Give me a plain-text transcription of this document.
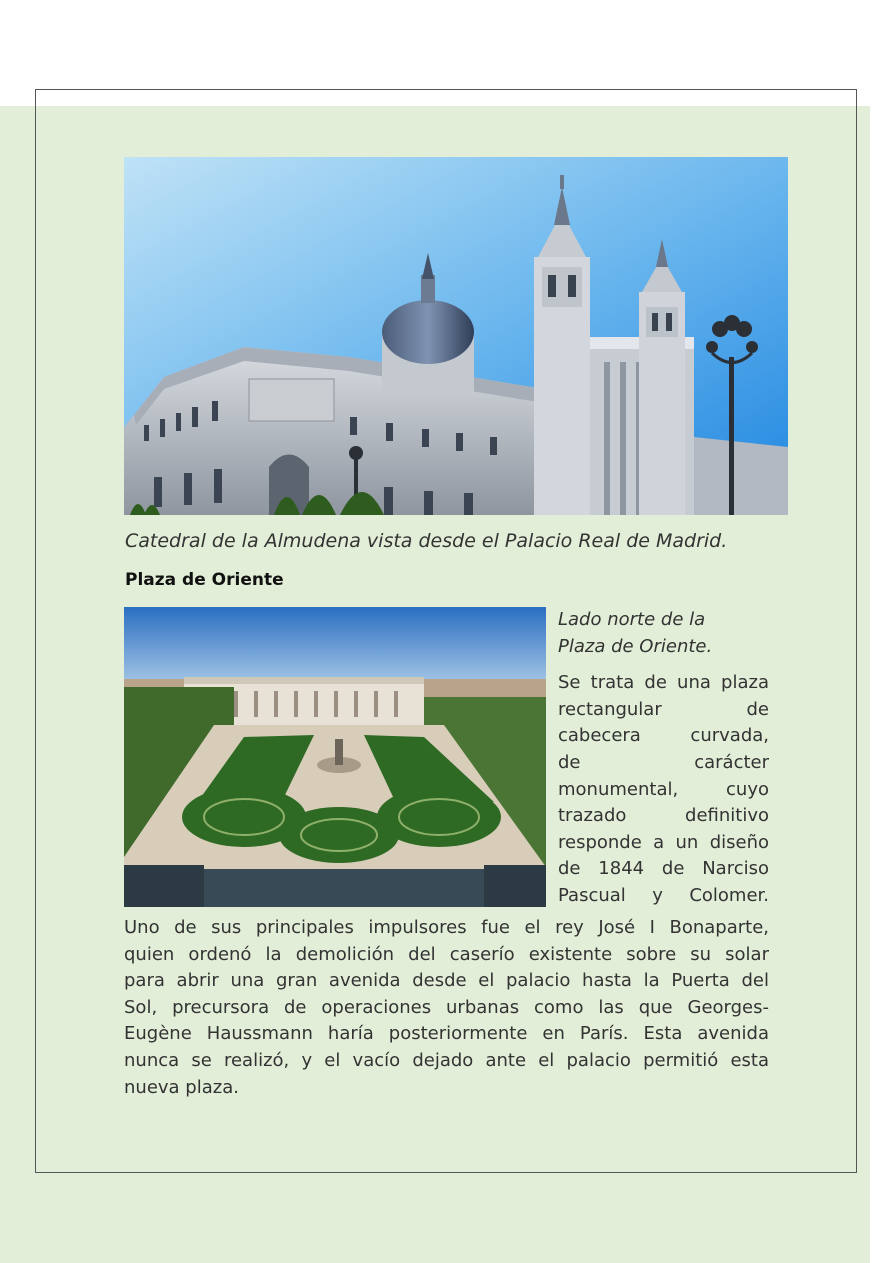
Catedral de la Almudena vista desde el Palacio Real de Madrid.
Plaza de Oriente
Lado norte de la
Plaza de Oriente.
Se trata de una plaza
rectangular de
cabecera curvada,
de carácter
monumental, cuyo
trazado definitivo
responde a un diseño
de 1844 de Narciso
Pascual y Colomer.
Uno de sus principales impulsores fue el rey José I Bonaparte,
quien ordenó la demolición del caserío existente sobre su solar
para abrir una gran avenida desde el palacio hasta la Puerta del
Sol, precursora de operaciones urbanas como las que Georges-
Eugène Haussmann haría posteriormente en París. Esta avenida
nunca se realizó, y el vacío dejado ante el palacio permitió esta
nueva plaza.
